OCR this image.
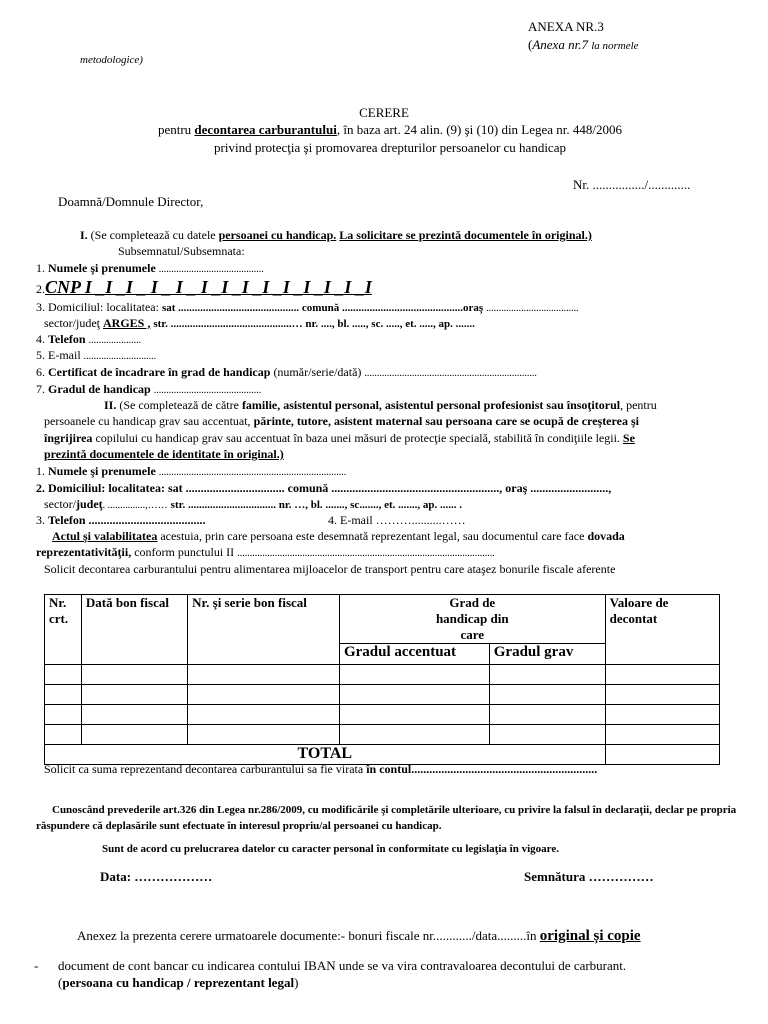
ANEXA NR.3
(Anexa nr.7 la normele
metodologice)
CERERE
pentru decontarea carburantului, în baza art. 24 alin. (9) şi (10) din Legea nr. 448/2006
privind protecţia şi promovarea drepturilor persoanelor cu handicap
Nr. ................/.............
Doamnă/Domnule Director,
I. (Se completează cu datele persoanei cu handicap. La solicitare se prezintă documentele în original.)
Subsemnatul/Subsemnata:
1. Numele şi prenumele ..........................................
2.CNP I _I _I _ I _ I _ I _I _I _I _I _I _I _I _I
3. Domiciliul: localitatea: sat ............................................ comună ............................................oraş .....................................
sector/judeţ ARGES , str. ............................................… nr. ...., bl. ....., sc. ....., et. ....., ap. .......
4. Telefon .....................
5. E-mail .............................
6. Certificat de încadrare în grad de handicap (număr/serie/dată) .....................................................................
7. Gradul de handicap ...........................................
II. (Se completează de către familie, asistentul personal, asistentul personal profesionist sau însoţitorul, pentru
persoanele cu handicap grav sau accentuat, părinte, tutore, asistent maternal sau persoana care se ocupă de creşterea şi
îngrijirea copilului cu handicap grav sau accentuat în baza unei măsuri de protecţie specială, stabilită în condiţiile legii. Se
prezintă documentele de identitate în original.)
1. Numele şi prenumele ...........................................................................
2. Domiciliul: localitatea: sat ................................. comună ........................................................, oraş ..........................,
sector/judeţ. ...............,…… str. ................................ nr. …, bl. ......., sc......., et. ......., ap. ...... .
3. Telefon .......................................	4. E-mail ………..........……
Actul şi valabilitatea acestuia, prin care persoana este desemnată reprezentant legal, sau documentul care face dovada
reprezentativităţii, conform punctului II .......................................................................................................
Solicit decontarea carburantului pentru alimentarea mijloacelor de transport pentru care ataşez bonurile fiscale aferente
Nr. crt.	Dată bon fiscal	Nr. şi serie bon fiscal	Grad de handicap din care		Valoare de decontat
			Gradul accentuat	Gradul grav	

TOTAL					
Solicit ca suma reprezentand decontarea carburantului sa fie virata în contul..............................................................
Cunoscând prevederile art.326 din Legea nr.286/2009, cu modificările şi completările ulterioare, cu privire la falsul în declaraţii, declar pe propria răspundere că deplasările sunt efectuate în interesul propriu/al persoanei cu handicap.
Sunt de acord cu prelucrarea datelor cu caracter personal în conformitate cu legislaţia în vigoare.
Data: ………………	Semnătura ……………
Anexez la prezenta cerere urmatoarele documente:- bonuri fiscale nr............/data.........în original și copie
- document de cont bancar cu indicarea contului IBAN unde se va vira contravaloarea decontului de carburant.
(persoana cu handicap / reprezentant legal)
